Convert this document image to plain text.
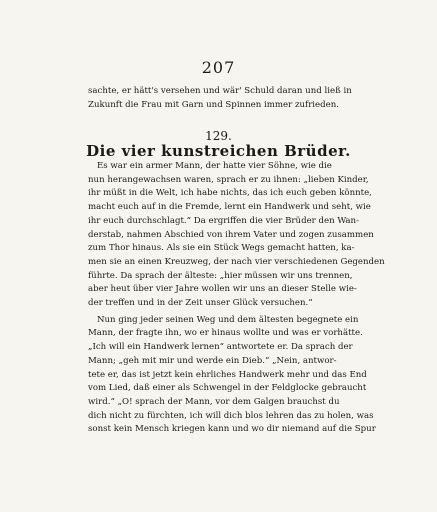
207
sachte, er hätt's versehen und wär' Schuld daran und ließ in
Zukunft die Frau mit Garn und Spinnen immer zufrieden.
129.
Die vier kunstreichen Brüder.
Es war ein armer Mann, der hatte vier Söhne, wie die
nun herangewachsen waren, sprach er zu ihnen: „lieben Kinder,
ihr müßt in die Welt, ich habe nichts, das ich euch geben könnte,
macht euch auf in die Fremde, lernt ein Handwerk und seht, wie
ihr euch durchschlagt.“ Da ergriffen die vier Brüder den Wan-
derstab, nahmen Abschied von ihrem Vater und zogen zusammen
zum Thor hinaus. Als sie ein Stück Wegs gemacht hatten, ka-
men sie an einen Kreuzweg, der nach vier verschiedenen Gegenden
führte. Da sprach der älteste: „hier müssen wir uns trennen,
aber heut über vier Jahre wollen wir uns an dieser Stelle wie-
der treffen und in der Zeit unser Glück versuchen.“
Nun ging jeder seinen Weg und dem ältesten begegnete ein
Mann, der fragte ihn, wo er hinaus wollte und was er vorhätte.
„Ich will ein Handwerk lernen“ antwortete er. Da sprach der
Mann; „geh mit mir und werde ein Dieb.“ „Nein, antwor-
tete er, das ist jetzt kein ehrliches Handwerk mehr und das End
vom Lied, daß einer als Schwengel in der Feldglocke gebraucht
wird.“ „O! sprach der Mann, vor dem Galgen brauchst du
dich nicht zu fürchten, ich will dich blos lehren das zu holen, was
sonst kein Mensch kriegen kann und wo dir niemand auf die Spur
